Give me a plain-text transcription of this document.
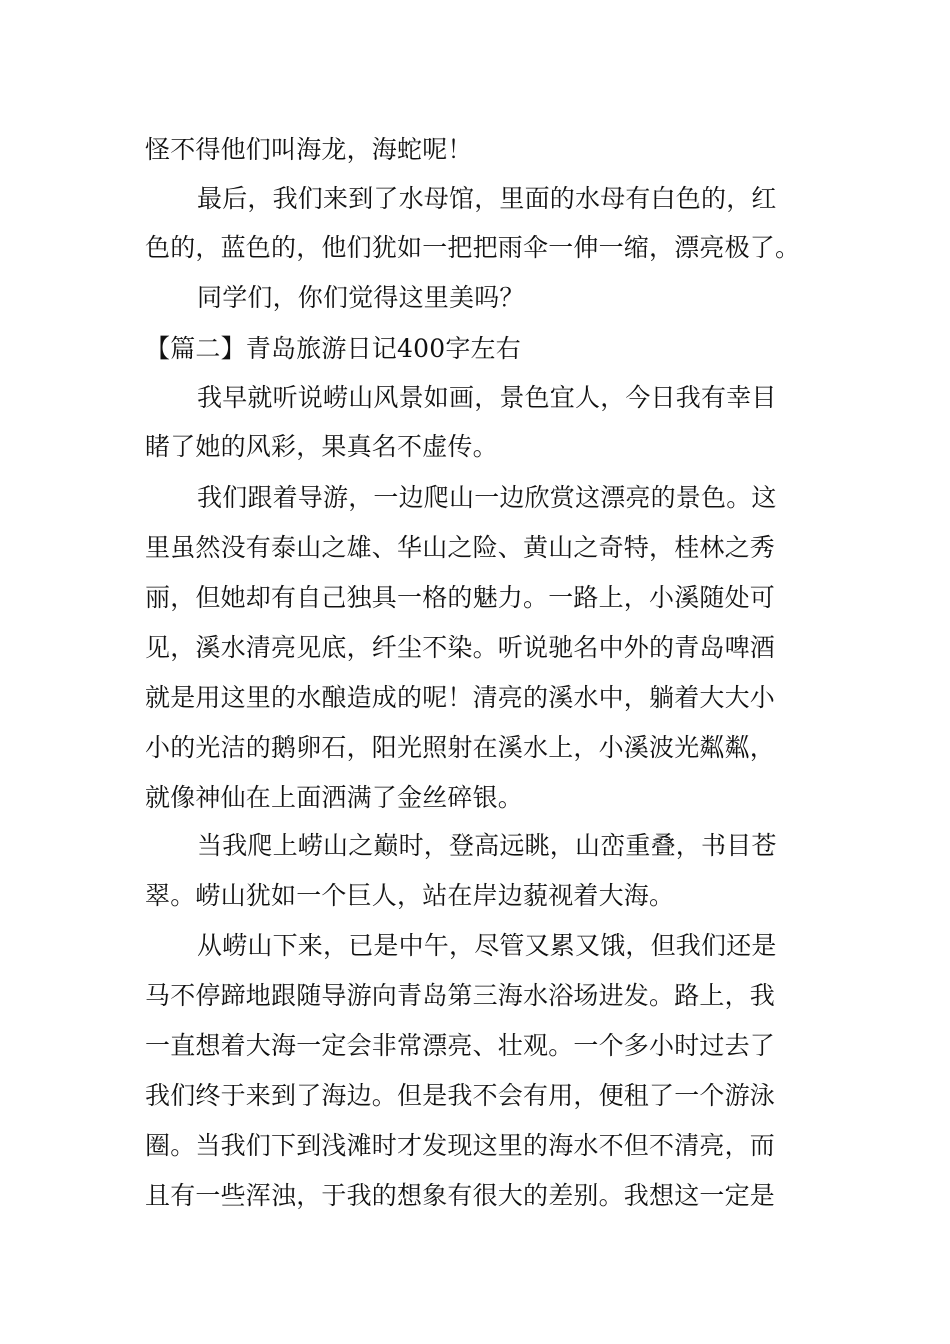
怪不得他们叫海龙，海蛇呢！
最后，我们来到了水母馆，里面的水母有白色的，红
色的，蓝色的，他们犹如一把把雨伞一伸一缩，漂亮极了。
同学们，你们觉得这里美吗？
【篇二】青岛旅游日记400字左右
我早就听说崂山风景如画，景色宜人，今日我有幸目
睹了她的风彩，果真名不虚传。
我们跟着导游，一边爬山一边欣赏这漂亮的景色。这
里虽然没有泰山之雄、华山之险、黄山之奇特，桂林之秀
丽，但她却有自己独具一格的魅力。一路上，小溪随处可
见，溪水清亮见底，纤尘不染。听说驰名中外的青岛啤酒
就是用这里的水酿造成的呢！清亮的溪水中，躺着大大小
小的光洁的鹅卵石，阳光照射在溪水上，小溪波光粼粼，
就像神仙在上面洒满了金丝碎银。
当我爬上崂山之巅时，登高远眺，山峦重叠，书目苍
翠。崂山犹如一个巨人，站在岸边藐视着大海。
从崂山下来，已是中午，尽管又累又饿，但我们还是
马不停蹄地跟随导游向青岛第三海水浴场进发。路上，我
一直想着大海一定会非常漂亮、壮观。一个多小时过去了
我们终于来到了海边。但是我不会有用，便租了一个游泳
圈。当我们下到浅滩时才发现这里的海水不但不清亮，而
且有一些浑浊，于我的想象有很大的差别。我想这一定是
